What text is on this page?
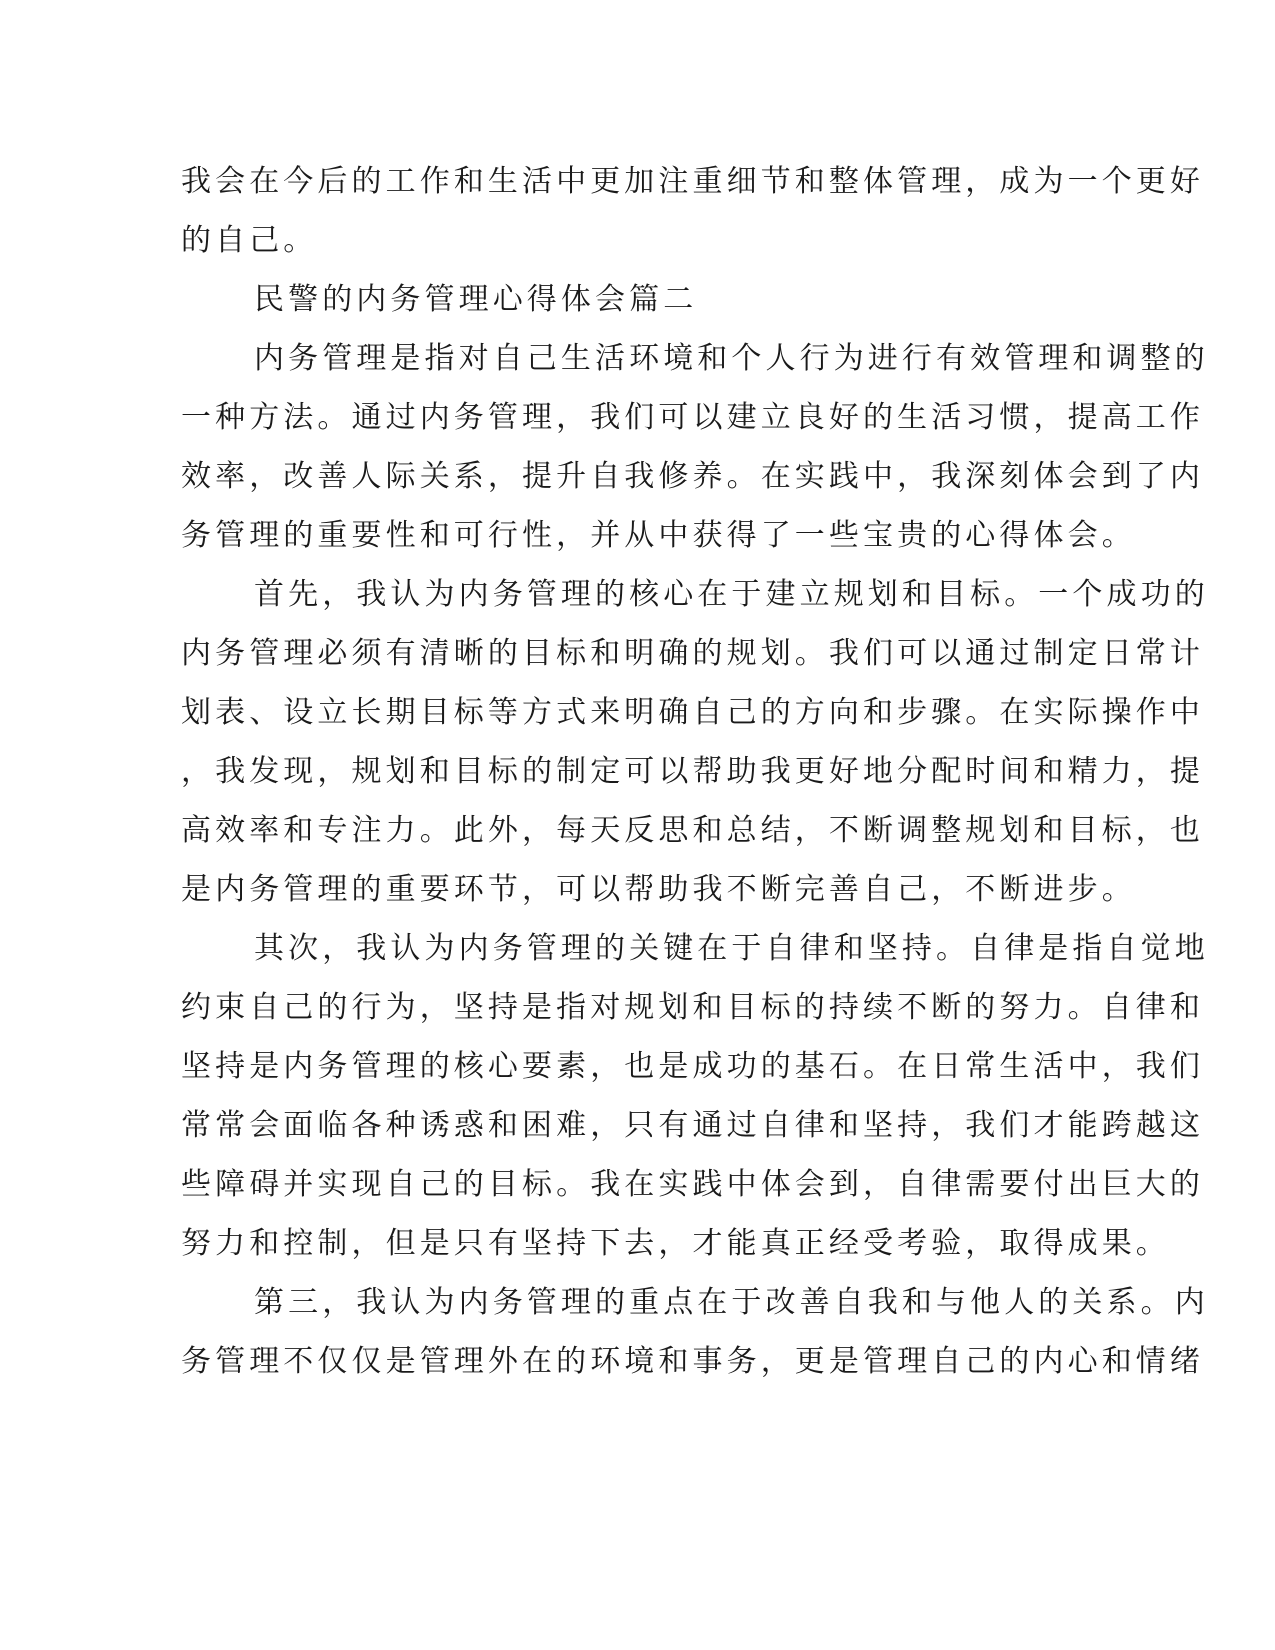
我会在今后的工作和生活中更加注重细节和整体管理，成为一个更好
的自己。
民警的内务管理心得体会篇二
内务管理是指对自己生活环境和个人行为进行有效管理和调整的
一种方法。通过内务管理，我们可以建立良好的生活习惯，提高工作
效率，改善人际关系，提升自我修养。在实践中，我深刻体会到了内
务管理的重要性和可行性，并从中获得了一些宝贵的心得体会。
首先，我认为内务管理的核心在于建立规划和目标。一个成功的
内务管理必须有清晰的目标和明确的规划。我们可以通过制定日常计
划表、设立长期目标等方式来明确自己的方向和步骤。在实际操作中
，我发现，规划和目标的制定可以帮助我更好地分配时间和精力，提
高效率和专注力。此外，每天反思和总结，不断调整规划和目标，也
是内务管理的重要环节，可以帮助我不断完善自己，不断进步。
其次，我认为内务管理的关键在于自律和坚持。自律是指自觉地
约束自己的行为，坚持是指对规划和目标的持续不断的努力。自律和
坚持是内务管理的核心要素，也是成功的基石。在日常生活中，我们
常常会面临各种诱惑和困难，只有通过自律和坚持，我们才能跨越这
些障碍并实现自己的目标。我在实践中体会到，自律需要付出巨大的
努力和控制，但是只有坚持下去，才能真正经受考验，取得成果。
第三，我认为内务管理的重点在于改善自我和与他人的关系。内
务管理不仅仅是管理外在的环境和事务，更是管理自己的内心和情绪
